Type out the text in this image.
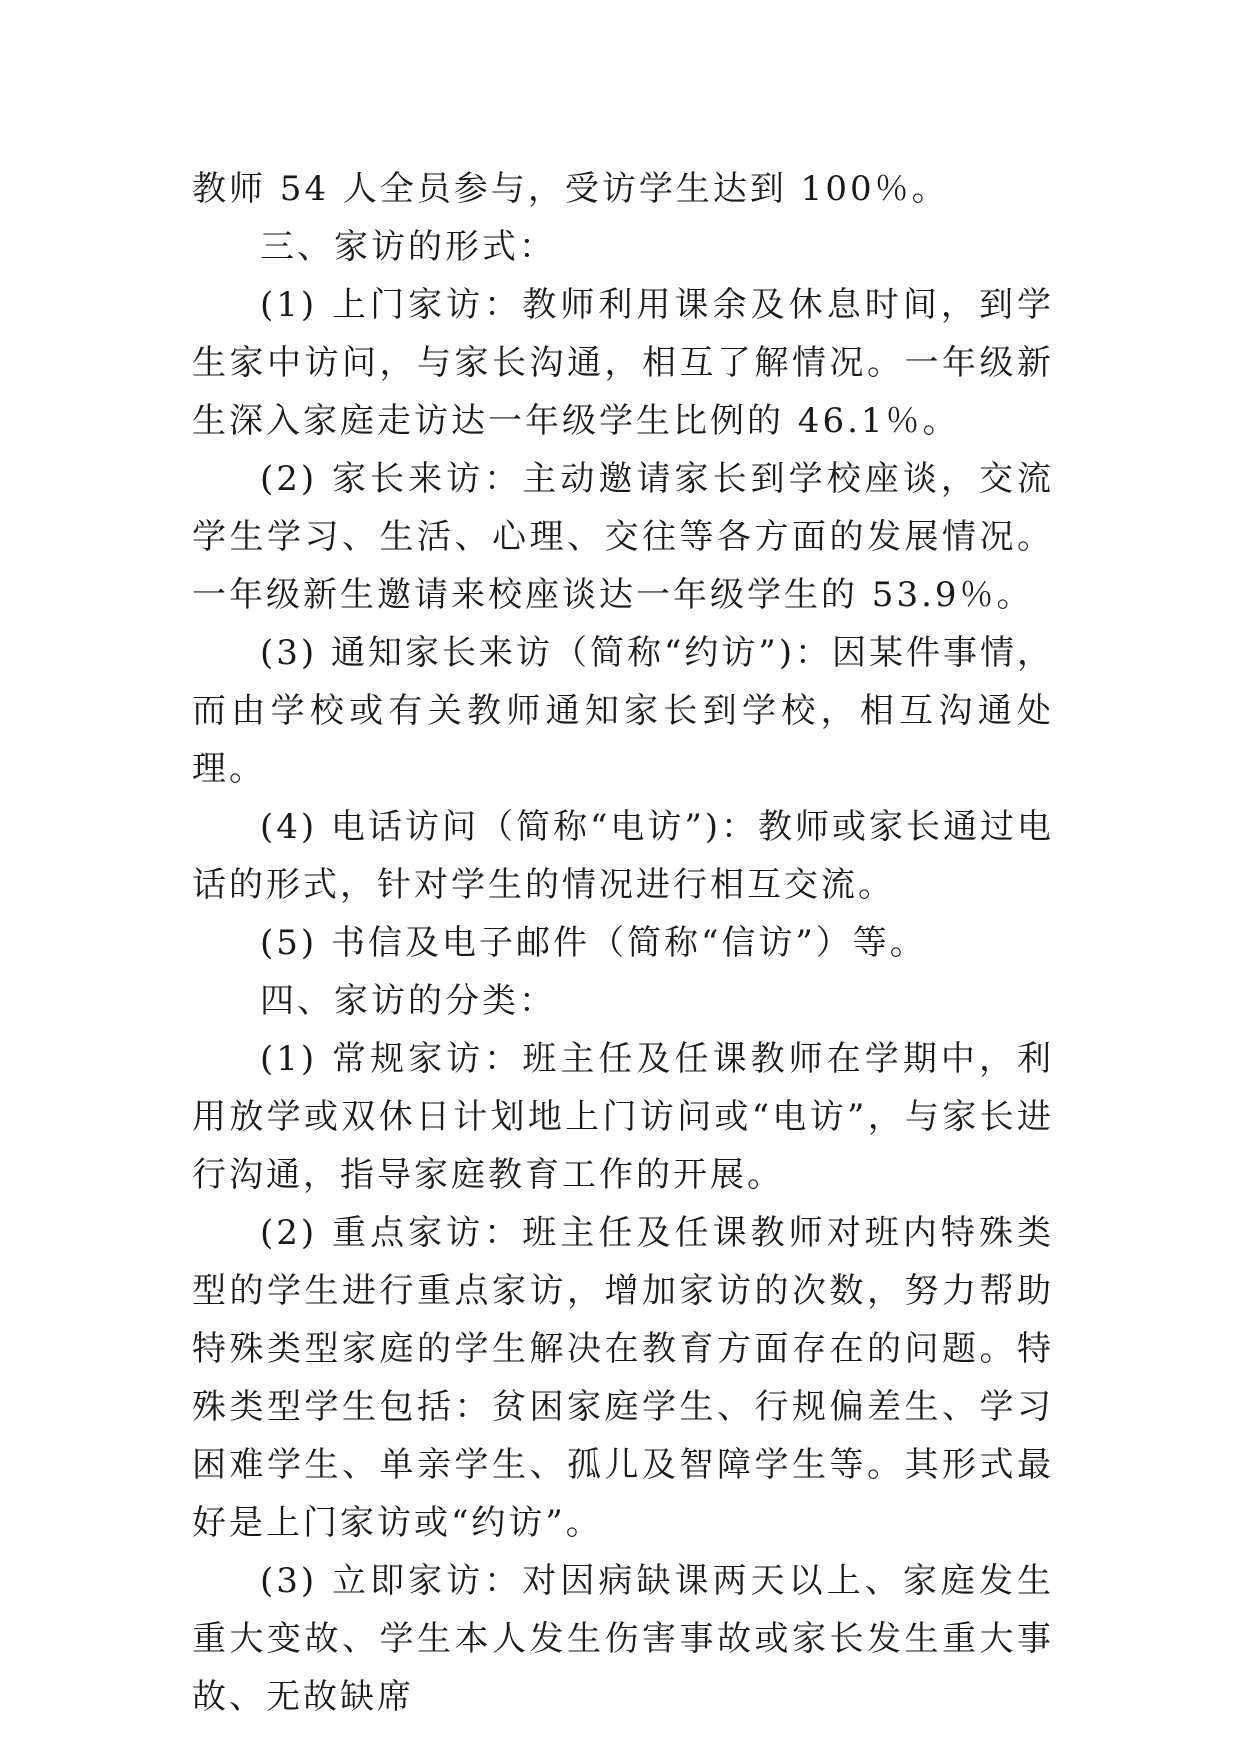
教师 54 人全员参与，受访学生达到 100％。

三、家访的形式：

(1) 上门家访：教师利用课余及休息时间，到学生家中访问，与家长沟通，相互了解情况。一年级新生深入家庭走访达一年级学生比例的 46.1％。

(2) 家长来访：主动邀请家长到学校座谈，交流学生学习、生活、心理、交往等各方面的发展情况。一年级新生邀请来校座谈达一年级学生的 53.9％。

(3) 通知家长来访（简称“约访”)：因某件事情，而由学校或有关教师通知家长到学校，相互沟通处理。

(4) 电话访问（简称“电访”)：教师或家长通过电话的形式，针对学生的情况进行相互交流。

(5) 书信及电子邮件（简称“信访”）等。

四、家访的分类：

(1) 常规家访：班主任及任课教师在学期中，利用放学或双休日计划地上门访问或“电访”，与家长进行沟通，指导家庭教育工作的开展。

(2) 重点家访：班主任及任课教师对班内特殊类型的学生进行重点家访，增加家访的次数，努力帮助特殊类型家庭的学生解决在教育方面存在的问题。特殊类型学生包括：贫困家庭学生、行规偏差生、学习困难学生、单亲学生、孤儿及智障学生等。其形式最好是上门家访或“约访”。

(3) 立即家访：对因病缺课两天以上、家庭发生重大变故、学生本人发生伤害事故或家长发生重大事故、无故缺席
